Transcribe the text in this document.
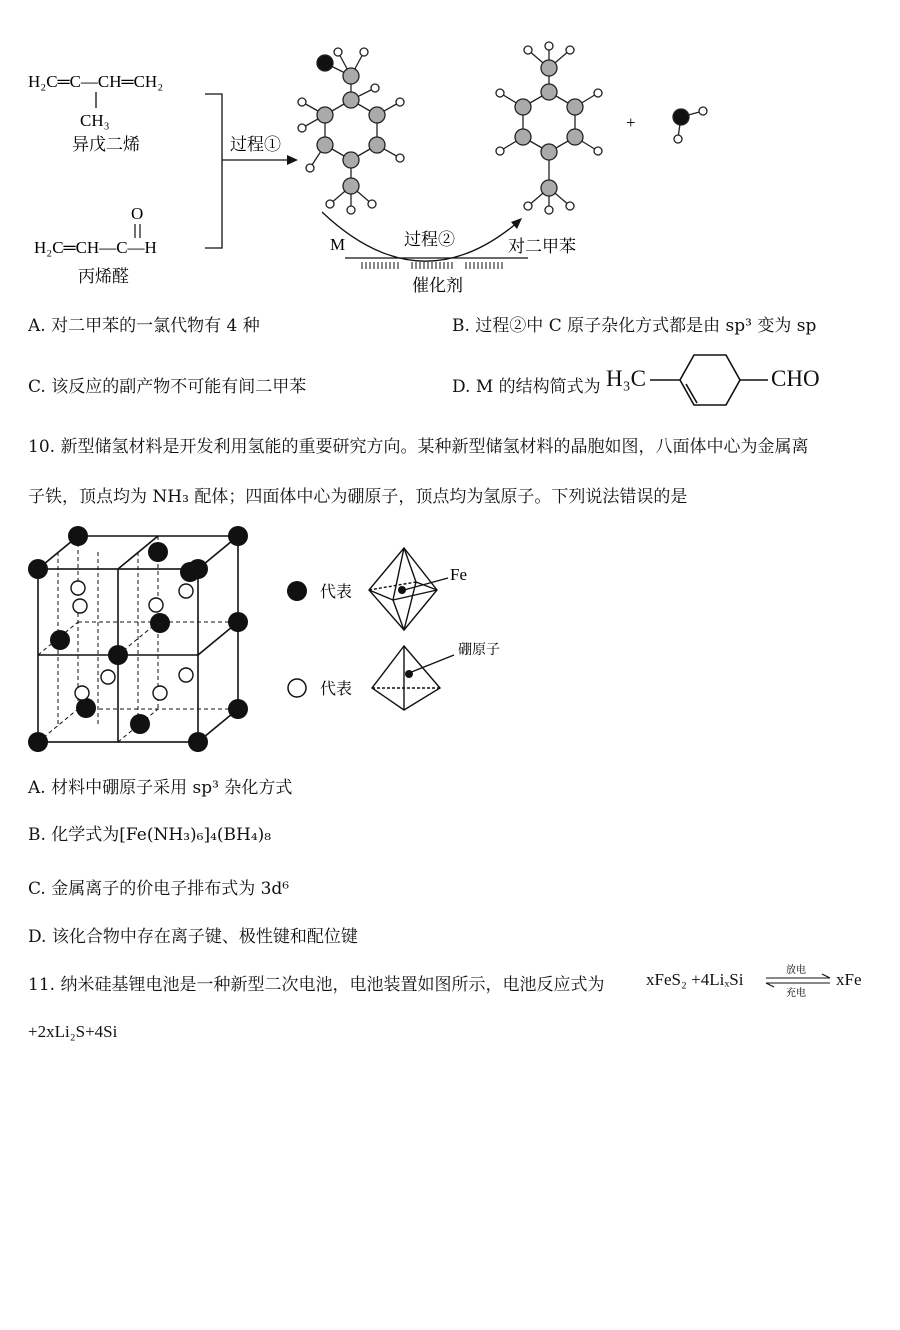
H₂C═C—CH═CH₂
CH₃
异戊二烯
O
H₂C═CH—C—H
丙烯醛
过程①
M	过程②
催化剂
对二甲苯
+
A. 对二甲苯的一氯代物有 4 种	B. 过程②中 C 原子杂化方式都是由 sp³ 变为 sp
C. 该反应的副产物不可能有间二甲苯	D. M 的结构简式为 H₃C	CHO
10. 新型储氢材料是开发利用氢能的重要研究方向。某种新型储氢材料的晶胞如图，八面体中心为金属离
子铁，顶点均为 NH₃ 配体；四面体中心为硼原子，顶点均为氢原子。下列说法错误的是
代表
代表
Fe
硼原子
A. 材料中硼原子采用 sp³ 杂化方式
B. 化学式为[Fe(NH₃)₆]₄(BH₄)₈
C. 金属离子的价电子排布式为 3d⁶
D. 该化合物中存在离子键、极性键和配位键
11. 纳米硅基锂电池是一种新型二次电池，电池装置如图所示，电池反应式为 xFeS₂ +4LiₓSi	放电
充电
xFe
+2xLi₂S+4Si
